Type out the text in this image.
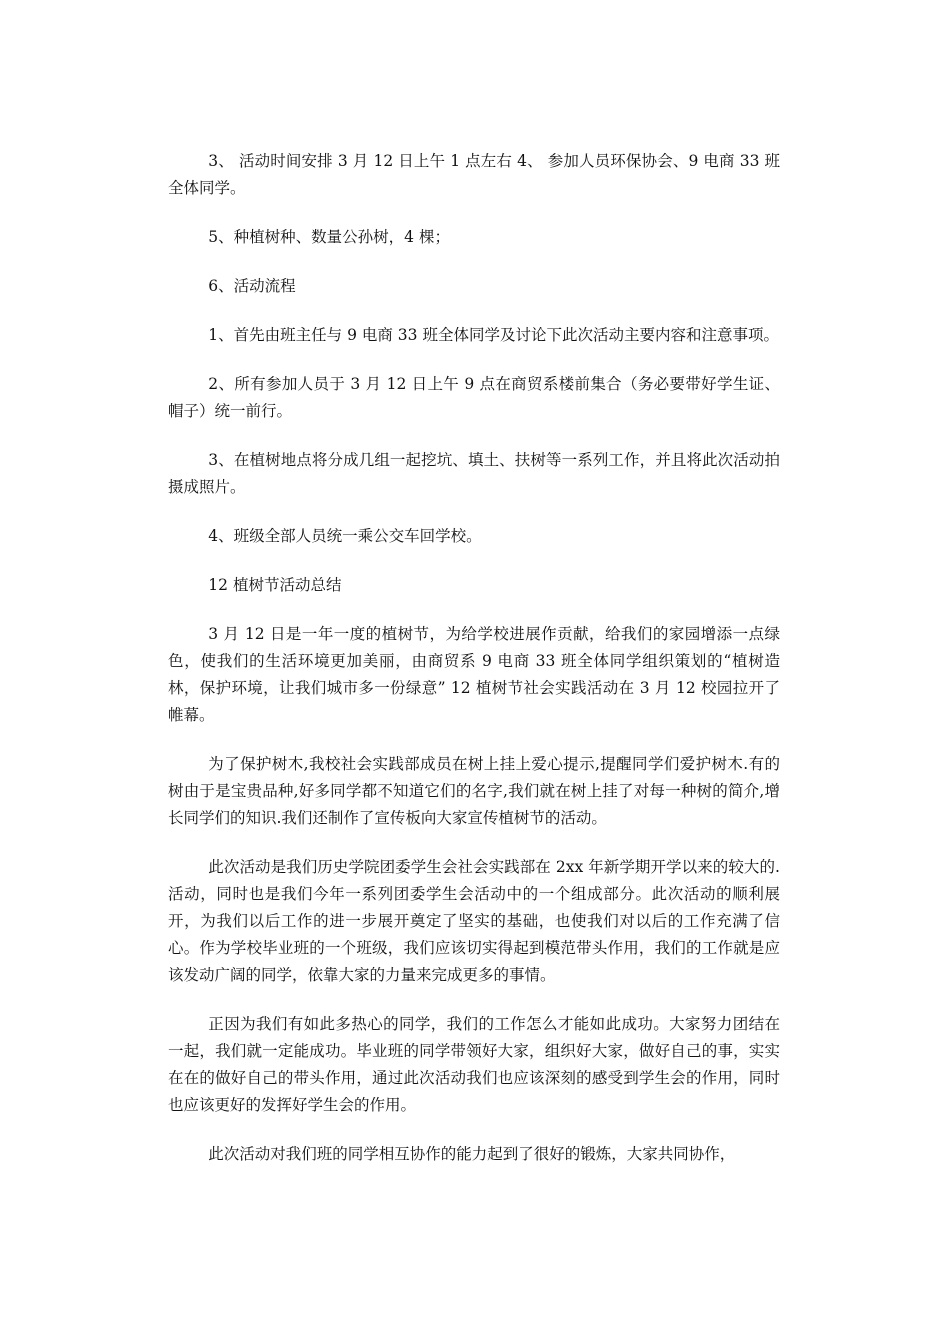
3、 活动时间安排 3 月 12 日上午 1 点左右 4、 参加人员环保协会、9 电商 33 班全体同学。

5、种植树种、数量公孙树，4 棵；

6、活动流程

1、首先由班主任与 9 电商 33 班全体同学及讨论下此次活动主要内容和注意事项。

2、所有参加人员于 3 月 12 日上午 9 点在商贸系楼前集合（务必要带好学生证、帽子）统一前行。

3、在植树地点将分成几组一起挖坑、填土、扶树等一系列工作，并且将此次活动拍摄成照片。

4、班级全部人员统一乘公交车回学校。

12 植树节活动总结

3 月 12 日是一年一度的植树节，为给学校进展作贡献，给我们的家园增添一点绿色，使我们的生活环境更加美丽，由商贸系 9 电商 33 班全体同学组织策划的“植树造林，保护环境，让我们城市多一份绿意” 12 植树节社会实践活动在 3 月 12 校园拉开了帷幕。

为了保护树木,我校社会实践部成员在树上挂上爱心提示,提醒同学们爱护树木.有的树由于是宝贵品种,好多同学都不知道它们的名字,我们就在树上挂了对每一种树的简介,增长同学们的知识.我们还制作了宣传板向大家宣传植树节的活动。

此次活动是我们历史学院团委学生会社会实践部在 2xx 年新学期开学以来的较大的.活动，同时也是我们今年一系列团委学生会活动中的一个组成部分。此次活动的顺利展开，为我们以后工作的进一步展开奠定了坚实的基础，也使我们对以后的工作充满了信心。作为学校毕业班的一个班级，我们应该切实得起到模范带头作用，我们的工作就是应该发动广阔的同学，依靠大家的力量来完成更多的事情。

正因为我们有如此多热心的同学，我们的工作怎么才能如此成功。大家努力团结在一起，我们就一定能成功。毕业班的同学带领好大家，组织好大家，做好自己的事，实实在在的做好自己的带头作用，通过此次活动我们也应该深刻的感受到学生会的作用，同时也应该更好的发挥好学生会的作用。

此次活动对我们班的同学相互协作的能力起到了很好的锻炼，大家共同协作，
